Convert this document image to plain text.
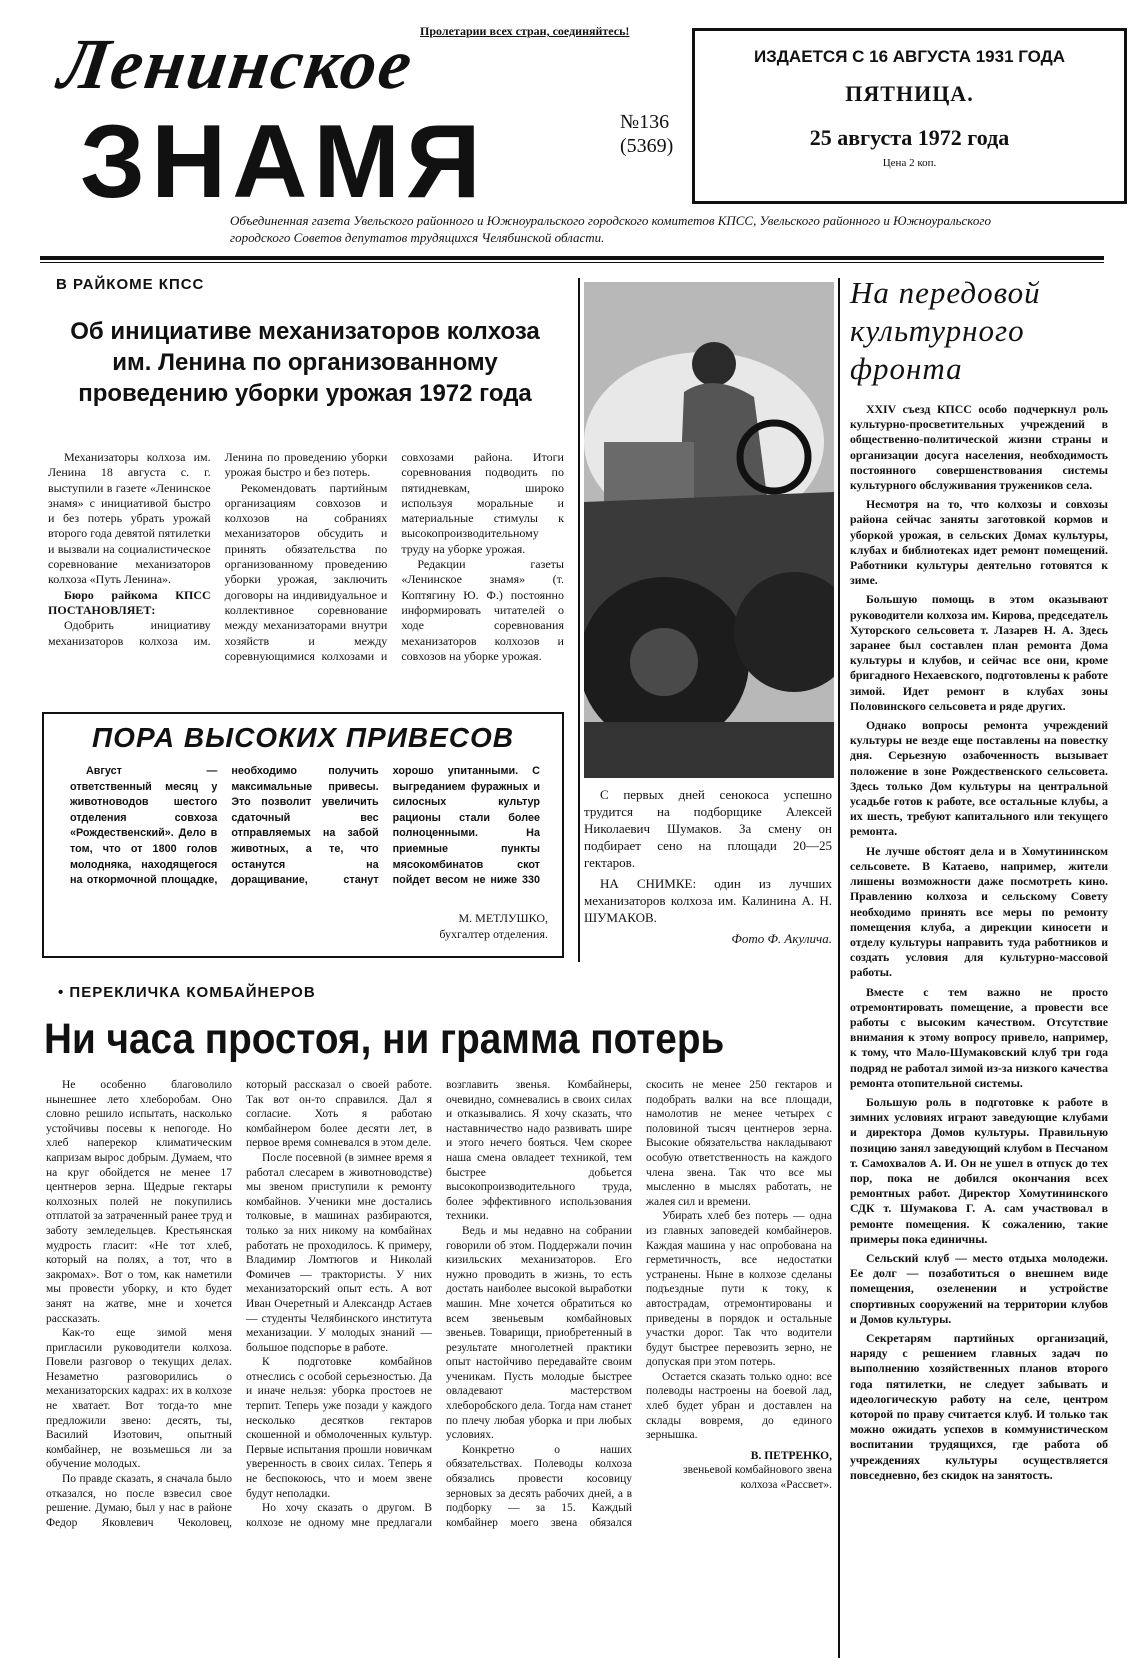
Пролетарии всех стран, соединяйтесь!
Ленинское
ЗНАМЯ	№136
(5369)
ИЗДАЕТСЯ С 16 АВГУСТА 1931 ГОДА
ПЯТНИЦА.
25 августа 1972 года
Цена 2 коп.
Объединенная газета Увельского районного и Южноуральского городского комитетов КПСС, Увельского районного и Южноуральского городского Советов депутатов трудящихся Челябинской области.
В РАЙКОМЕ КПСС
Об инициативе механизаторов колхоза им. Ленина по организованному проведению уборки урожая 1972 года

Механизаторы колхоза им. Ленина 18 августа с. г. выступили в газете «Ленинское знамя» с инициативой быстро и без потерь убрать урожай второго года девятой пятилетки и вызвали на социалистическое соревнование механизаторов колхоза «Путь Ленина».

Бюро райкома КПСС ПОСТАНОВЛЯЕТ:

Одобрить инициативу механизаторов колхоза им. Ленина по проведению уборки урожая быстро и без потерь.

Рекомендовать партийным организациям совхозов и колхозов на собраниях механизаторов обсудить и принять обязательства по организованному проведению уборки урожая, заключить договоры на индивидуальное и коллективное соревнование между механизаторами внутри хозяйств и между соревнующимися колхозами и совхозами района. Итоги соревнования подводить по пятидневкам, широко используя моральные и материальные стимулы к высокопроизводительному труду на уборке урожая.

Редакции газеты «Ленинское знамя» (т. Коптягину Ю. Ф.) постоянно информировать читателей о ходе соревнования механизаторов колхозов и совхозов на уборке урожая.

ПОРА ВЫСОКИХ ПРИВЕСОВ

Август — ответственный месяц у животноводов шестого отделения совхоза «Рождественский». Дело в том, что от 1800 голов молодняка, находящегося на откормочной площадке, необходимо получить максимальные привесы. Это позволит увеличить сдаточный вес отправляемых на забой животных, а те, что останутся на доращивание, станут хорошо упитанными. С выгреданием фуражных и силосных культур рационы стали более полноценными. На приемные пункты мясокомбинатов скот пойдет весом не ниже 330

М. МЕТЛУШКО,
бухгалтер отделения.

С первых дней сенокоса успешно трудится на подборщике Алексей Николаевич Шумаков. За смену он подбирает сено на площади 20—25 гектаров.

НА СНИМКЕ: один из лучших механизаторов колхоза им. Калинина А. Н. ШУМАКОВ.

Фото Ф. Акулича.
На передовой культурного фронта

XXIV съезд КПСС особо подчеркнул роль культурно-просветительных учреждений в общественно-политической жизни страны и организации досуга населения, необходимость постоянного совершенствования системы культурного обслуживания тружеников села.

Несмотря на то, что колхозы и совхозы района сейчас заняты заготовкой кормов и уборкой урожая, в сельских Домах культуры, клубах и библиотеках идет ремонт помещений. Работники культуры деятельно готовятся к зиме.

Большую помощь в этом оказывают руководители колхоза им. Кирова, председатель Хуторского сельсовета т. Лазарев Н. А. Здесь заранее был составлен план ремонта Дома культуры и клубов, и сейчас все они, кроме бригадного Нехаевского, подготовлены к работе зимой. Идет ремонт в клубах зоны Половинского сельсовета и ряде других.

Однако вопросы ремонта учреждений культуры не везде еще поставлены на повестку дня. Серьезную озабоченность вызывает положение в зоне Рождественского сельсовета. Здесь только Дом культуры на центральной усадьбе готов к работе, все остальные клубы, а их шесть, требуют капитального или текущего ремонта.

Не лучше обстоят дела и в Хомутининском сельсовете. В Катаево, например, жители лишены возможности даже посмотреть кино. Правлению колхоза и сельскому Совету необходимо принять все меры по ремонту помещения клуба, а дирекции киносети и отделу культуры направить туда работников и создать условия для культурно-массовой работы.

Вместе с тем важно не просто отремонтировать помещение, а провести все работы с высоким качеством. Отсутствие внимания к этому вопросу привело, например, к тому, что Мало-Шумаковский клуб три года подряд не работал зимой из-за низкого качества ремонта отопительной системы.

Большую роль в подготовке к работе в зимних условиях играют заведующие клубами и директора Домов культуры. Правильную позицию занял заведующий клубом в Песчаном т. Самохвалов А. И. Он не ушел в отпуск до тех пор, пока не добился окончания всех ремонтных работ. Директор Хомутининского СДК т. Шумакова Г. А. сам участвовал в ремонте помещения. К сожалению, такие примеры пока единичны.

Сельский клуб — место отдыха молодежи. Ее долг — позаботиться о внешнем виде помещения, озеленении и устройстве спортивных сооружений на территории клубов и Домов культуры.

Секретарям партийных организаций, наряду с решением главных задач по выполнению хозяйственных планов второго года пятилетки, не следует забывать и идеологическую работу на селе, центром которой по праву считается клуб. И только так можно ожидать успехов в коммунистическом воспитании трудящихся, где работа об учреждениях культуры осуществляется повседневно, без скидок на занятость.

• ПЕРЕКЛИЧКА КОМБАЙНЕРОВ
Ни часа простоя, ни грамма потерь

Не особенно благоволило нынешнее лето хлеборобам. Оно словно решило испытать, насколько устойчивы посевы к непогоде. Но хлеб наперекор климатическим капризам вырос добрым. Думаем, что на круг обойдется не менее 17 центнеров зерна. Щедрые гектары колхозных полей не покупились отплатой за затраченный ранее труд и заботу земледельцев. Крестьянская мудрость гласит: «Не тот хлеб, который на полях, а тот, что в закромах». Вот о том, как наметили мы провести уборку, и кто будет занят на жатве, мне и хочется рассказать.

Как-то еще зимой меня пригласили руководители колхоза. Повели разговор о текущих делах. Незаметно разговорились о механизаторских кадрах: их в колхозе не хватает. Вот тогда-то мне предложили звено: десять, ты, Василий Изотович, опытный комбайнер, не возьмешься ли за обучение молодых.

По правде сказать, я сначала было отказался, но после взвесил свое решение. Думаю, был у нас в районе Федор Яковлевич Чеколовец, который рассказал о своей работе. Так вот он-то справился. Дал я согласие. Хоть я работаю комбайнером более десяти лет, в первое время сомневался в этом деле.

После посевной (в зимнее время я работал слесарем в животноводстве) мы звеном приступили к ремонту комбайнов. Ученики мне достались толковые, в машинах разбираются, только за них никому на комбайнах работать не проходилось. К примеру, Владимир Ломтюгов и Николай Фомичев — трактористы. У них механизаторский опыт есть. А вот Иван Очеретный и Александр Астаев — студенты Челябинского института механизации. У молодых знаний — большое подспорье в работе.

К подготовке комбайнов отнеслись с особой серьезностью. Да и иначе нельзя: уборка простоев не терпит. Теперь уже позади у каждого несколько десятков гектаров скошенной и обмолоченных культур. Первые испытания прошли новичкам уверенность в своих силах. Теперь я не беспокоюсь, что и моем звене будут неполадки.

Но хочу сказать о другом. В колхозе не одному мне предлагали возглавить звенья. Комбайнеры, очевидно, сомневались в своих силах и отказывались. Я хочу сказать, что наставничество надо развивать шире и этого нечего бояться. Чем скорее наша смена овладеет техникой, тем быстрее добьется высокопроизводительного труда, более эффективного использования техники.

Ведь и мы недавно на собрании говорили об этом. Поддержали почин кизильских механизаторов. Его нужно проводить в жизнь, то есть достать наиболее высокой выработки машин. Мне хочется обратиться ко всем звеньевым комбайновых звеньев. Товарищи, приобретенный в результате многолетней практики опыт настойчиво передавайте своим ученикам. Пусть молодые быстрее овладевают мастерством хлеборобского дела. Тогда нам станет по плечу любая уборка и при любых условиях.

Конкретно о наших обязательствах. Полеводы колхоза обязались провести косовицу зерновых за десять рабочих дней, а в подборку — за 15. Каждый комбайнер моего звена обязался скосить не менее 250 гектаров и подобрать валки на все площади, намолотив не менее четырех с половиной тысяч центнеров зерна. Высокие обязательства накладывают особую ответственность на каждого члена звена. Так что все мы мысленно в мыслях работать, не жалея сил и времени.

Убирать хлеб без потерь — одна из главных заповедей комбайнеров. Каждая машина у нас опробована на герметичность, все недостатки устранены. Ныне в колхозе сделаны подъездные пути к току, к автострадам, отремонтированы и приведены в порядок и остальные участки дорог. Так что водители будут быстрее перевозить зерно, не допуская при этом потерь.

Остается сказать только одно: все полеводы настроены на боевой лад, хлеб будет убран и доставлен на склады вовремя, до единого зернышка.

В. ПЕТРЕНКО,
звеньевой комбайнового звена колхоза «Рассвет».
